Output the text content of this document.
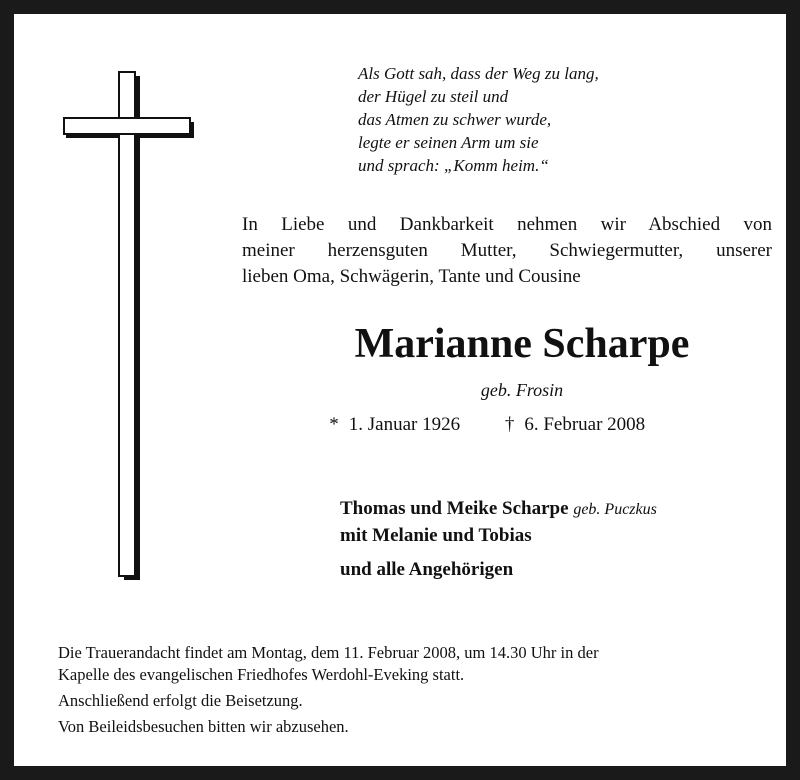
Als Gott sah, dass der Weg zu lang,
der Hügel zu steil und
das Atmen zu schwer wurde,
legte er seinen Arm um sie
und sprach: „Komm heim.“
In Liebe und Dankbarkeit nehmen wir Abschied von
meiner herzensguten Mutter, Schwiegermutter, unserer
lieben Oma, Schwägerin, Tante und Cousine
Marianne Scharpe
geb. Frosin
* 1. Januar 1926 † 6. Februar 2008
Thomas und Meike Scharpe geb. Puczkus
mit Melanie und Tobias
und alle Angehörigen
Die Trauerandacht findet am Montag, dem 11. Februar 2008, um 14.30 Uhr in der
Kapelle des evangelischen Friedhofes Werdohl-Eveking statt.
Anschließend erfolgt die Beisetzung.
Von Beileidsbesuchen bitten wir abzusehen.
